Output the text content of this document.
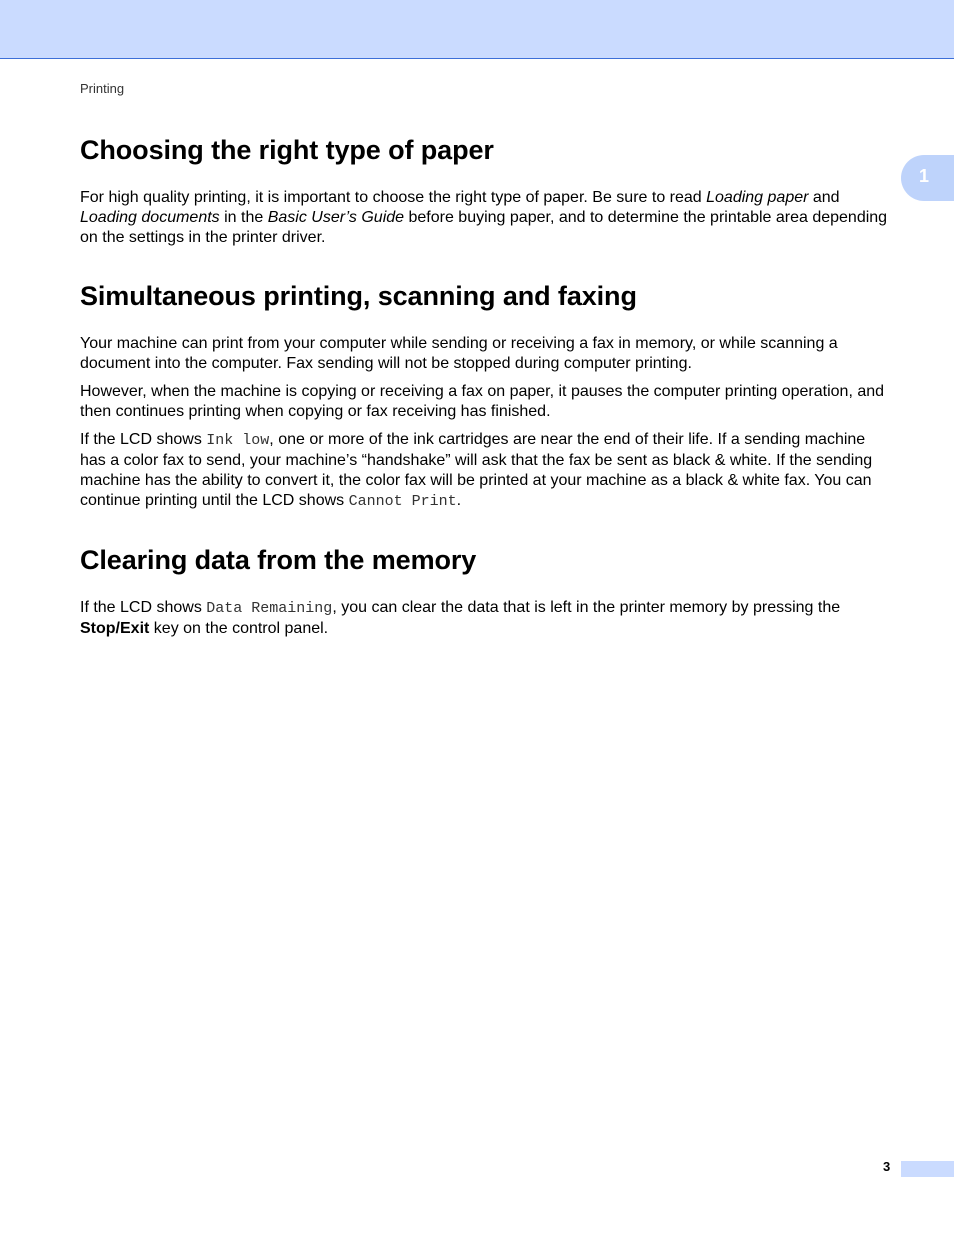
Printing
1
Choosing the right type of paper

For high quality printing, it is important to choose the right type of paper. Be sure to read Loading paper and Loading documents in the Basic User’s Guide before buying paper, and to determine the printable area depending on the settings in the printer driver.

Simultaneous printing, scanning and faxing

Your machine can print from your computer while sending or receiving a fax in memory, or while scanning a document into the computer. Fax sending will not be stopped during computer printing.

However, when the machine is copying or receiving a fax on paper, it pauses the computer printing operation, and then continues printing when copying or fax receiving has finished.

If the LCD shows Ink low, one or more of the ink cartridges are near the end of their life. If a sending machine has a color fax to send, your machine’s “handshake” will ask that the fax be sent as black & white. If the sending machine has the ability to convert it, the color fax will be printed at your machine as a black & white fax. You can continue printing until the LCD shows Cannot Print.

Clearing data from the memory

If the LCD shows Data Remaining, you can clear the data that is left in the printer memory by pressing the Stop/Exit key on the control panel.

3
